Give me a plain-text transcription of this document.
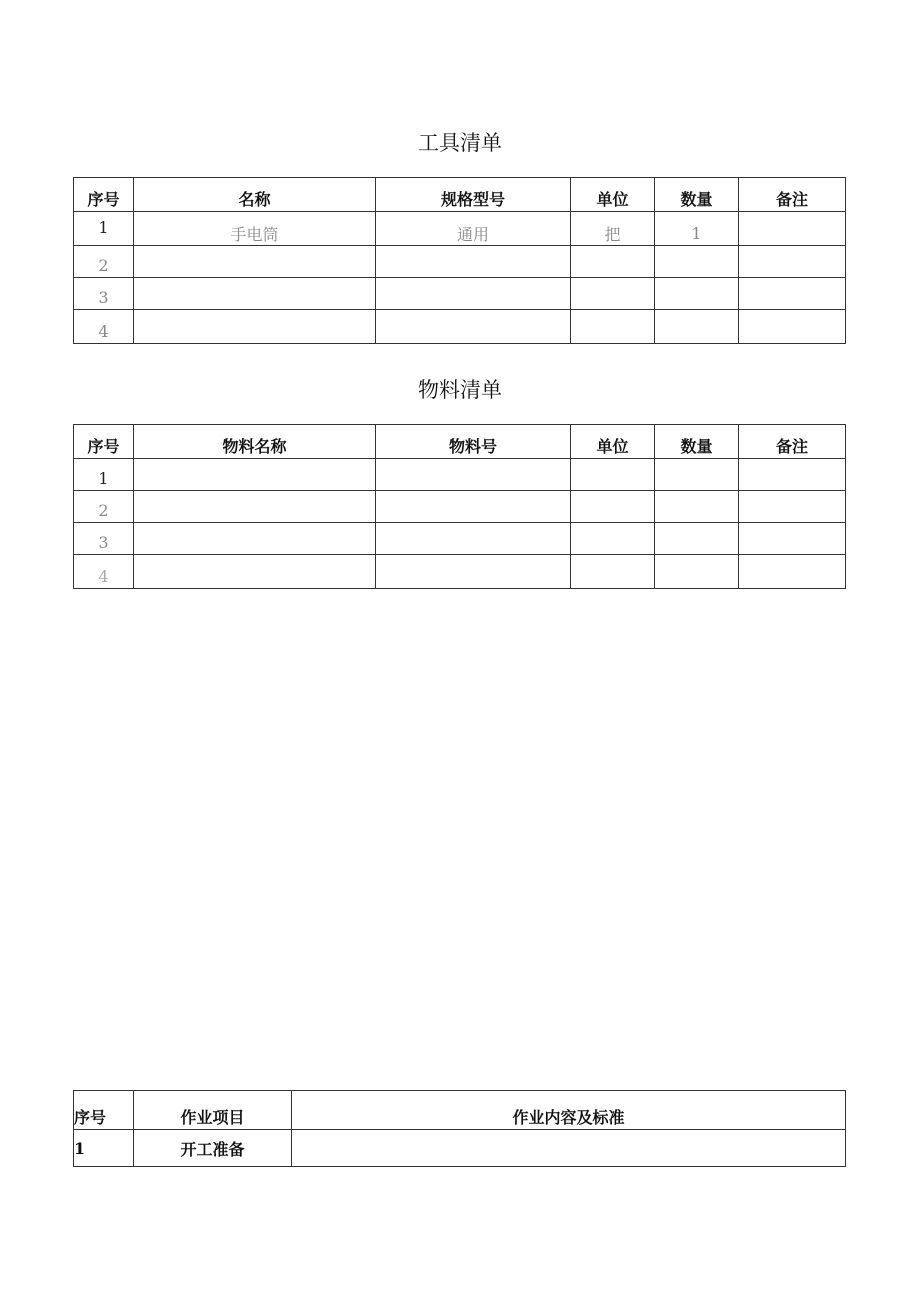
工具清单
序号	名称	规格型号	单位	数量	备注
1	手电筒	通用	把	1	
2					
3					
4					
物料清单
序号	物料名称	物料号	单位	数量	备注
1					
2					
3					
4					
序号	作业项目	作业内容及标准
1	开工准备	
